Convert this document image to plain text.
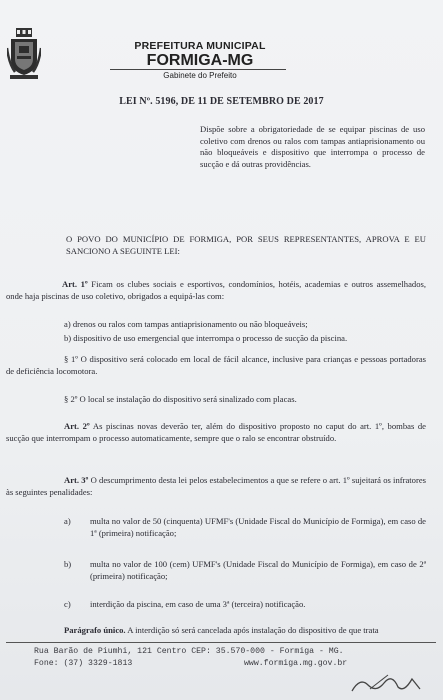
PREFEITURA MUNICIPAL
FORMIGA-MG
Gabinete do Prefeito
LEI Nº. 5196, DE 11 DE SETEMBRO DE 2017
Dispõe sobre a obrigatoriedade de se equipar piscinas de uso coletivo com drenos ou ralos com tampas antiaprisionamento ou não bloqueáveis e dispositivo que interrompa o processo de sucção e dá outras providências.
O POVO DO MUNICÍPIO DE FORMIGA, POR SEUS REPRESENTANTES, APROVA E EU SANCIONO A SEGUINTE LEI:
Art. 1º Ficam os clubes sociais e esportivos, condomínios, hotéis, academias e outros assemelhados, onde haja piscinas de uso coletivo, obrigados a equipá-las com:
a) drenos ou ralos com tampas antiaprisionamento ou não bloqueáveis;
b) dispositivo de uso emergencial que interrompa o processo de sucção da piscina.
§ 1º O dispositivo será colocado em local de fácil alcance, inclusive para crianças e pessoas portadoras de deficiência locomotora.
§ 2º O local se instalação do dispositivo será sinalizado com placas.
Art. 2º As piscinas novas deverão ter, além do dispositivo proposto no caput do art. 1º, bombas de sucção que interrompam o processo automaticamente, sempre que o ralo se encontrar obstruído.
Art. 3º O descumprimento desta lei pelos estabelecimentos a que se refere o art. 1º sujeitará os infratores às seguintes penalidades:
a)	multa no valor de 50 (cinquenta) UFMF's (Unidade Fiscal do Município de Formiga), em caso de 1ª (primeira) notificação;
b)	multa no valor de 100 (cem) UFMF's (Unidade Fiscal do Município de Formiga), em caso de 2ª (primeira) notificação;
c)	interdição da piscina, em caso de uma 3ª (terceira) notificação.
Parágrafo único. A interdição só será cancelada após instalação do dispositivo de que trata
Rua Barão de Piumhi, 121 Centro CEP: 35.570-000 - Formiga - MG.
Fone: (37) 3329-1813	www.formiga.mg.gov.br
